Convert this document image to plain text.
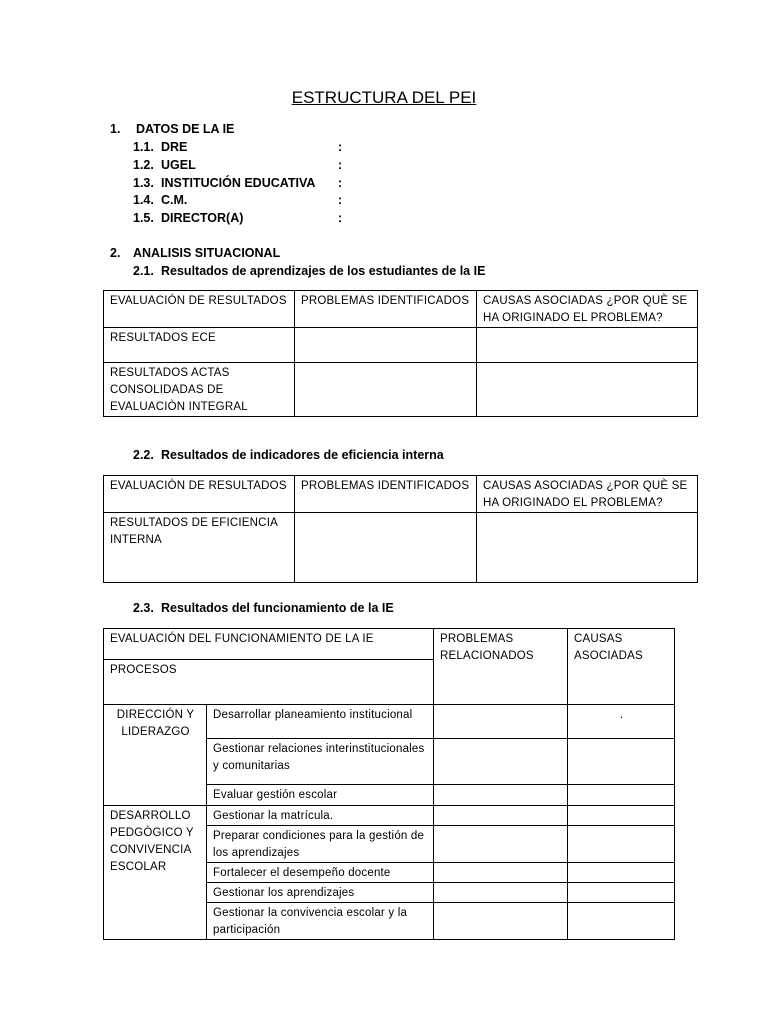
ESTRUCTURA DEL PEI
1. DATOS DE LA IE
1.1. DRE	:
1.2. UGEL	:
1.3. INSTITUCIÓN EDUCATIVA :
1.4. C.M.	:
1.5. DIRECTOR(A)	:
2. ANALISIS SITUACIONAL
2.1. Resultados de aprendizajes de los estudiantes de la IE
EVALUACIÓN DE RESULTADOS	PROBLEMAS IDENTIFICADOS	CAUSAS ASOCIADAS ¿POR QUÈ SE HA ORIGINADO EL PROBLEMA?
RESULTADOS ECE		
RESULTADOS ACTAS CONSOLIDADAS DE EVALUACIÒN INTEGRAL		
2.2. Resultados de indicadores de eficiencia interna
EVALUACIÒN DE RESULTADOS	PROBLEMAS IDENTIFICADOS	CAUSAS ASOCIADAS ¿POR QUÈ SE HA ORIGINADO EL PROBLEMA?
RESULTADOS DE EFICIENCIA INTERNA		
2.3. Resultados del funcionamiento de la IE
EVALUACIÓN DEL FUNCIONAMIENTO DE LA IE		PROBLEMAS RELACIONADOS	CAUSAS ASOCIADAS
PROCESOS			
DIRECCIÓN Y LIDERAZGO	Desarrollar planeamiento institucional		.
	Gestionar relaciones interinstitucionales y comunitarias		
	Evaluar gestión escolar		
DESARROLLO PEDGÒGICO Y CONVIVENCIA ESCOLAR	Gestionar la matrícula.		
	Preparar condiciones para la gestión de los aprendizajes		
	Fortalecer el desempeño docente		
	Gestionar los aprendizajes		
	Gestionar la convivencia escolar y la participación		
